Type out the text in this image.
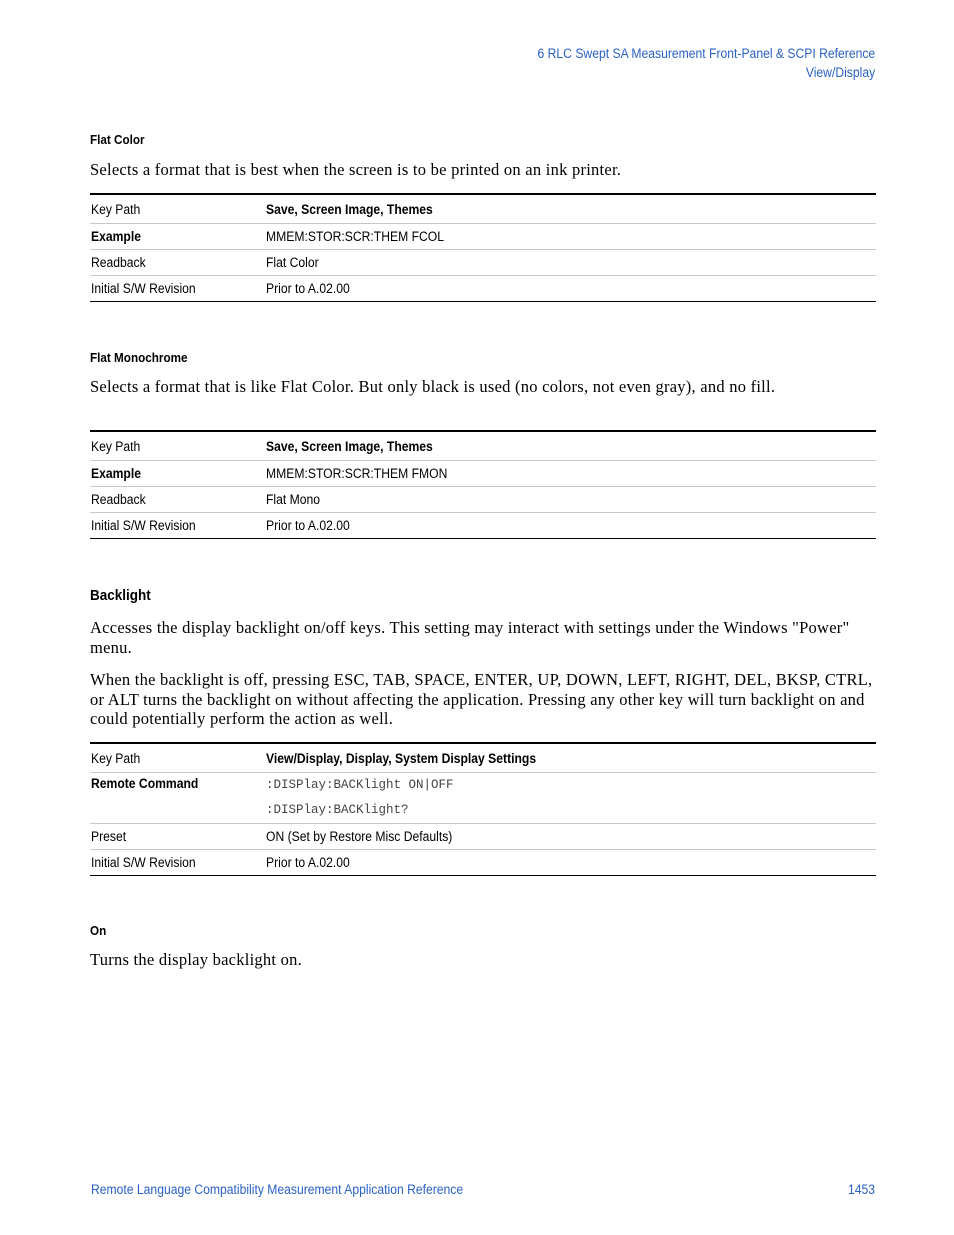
6 RLC Swept SA Measurement Front-Panel & SCPI Reference
View/Display
Flat Color
Selects a format that is best when the screen is to be printed on an ink printer.
Key Path	Save, Screen Image, Themes
Example	MMEM:STOR:SCR:THEM FCOL
Readback	Flat Color
Initial S/W Revision	Prior to A.02.00
Flat Monochrome
Selects a format that is like Flat Color. But only black is used (no colors, not even gray), and no fill.
Key Path	Save, Screen Image, Themes
Example	MMEM:STOR:SCR:THEM FMON
Readback	Flat Mono
Initial S/W Revision	Prior to A.02.00
Backlight
Accesses the display backlight on/off keys. This setting may interact with settings under the Windows "Power" menu.
When the backlight is off, pressing ESC, TAB, SPACE, ENTER, UP, DOWN, LEFT, RIGHT, DEL, BKSP, CTRL, or ALT turns the backlight on without affecting the application. Pressing any other key will turn backlight on and could potentially perform the action as well.
Key Path	View/Display, Display, System Display Settings
Remote Command	:DISPlay:BACKlight ON|OFF
:DISPlay:BACKlight?

Preset	ON (Set by Restore Misc Defaults)
Initial S/W Revision	Prior to A.02.00
On
Turns the display backlight on.
Remote Language Compatibility Measurement Application Reference	1453
